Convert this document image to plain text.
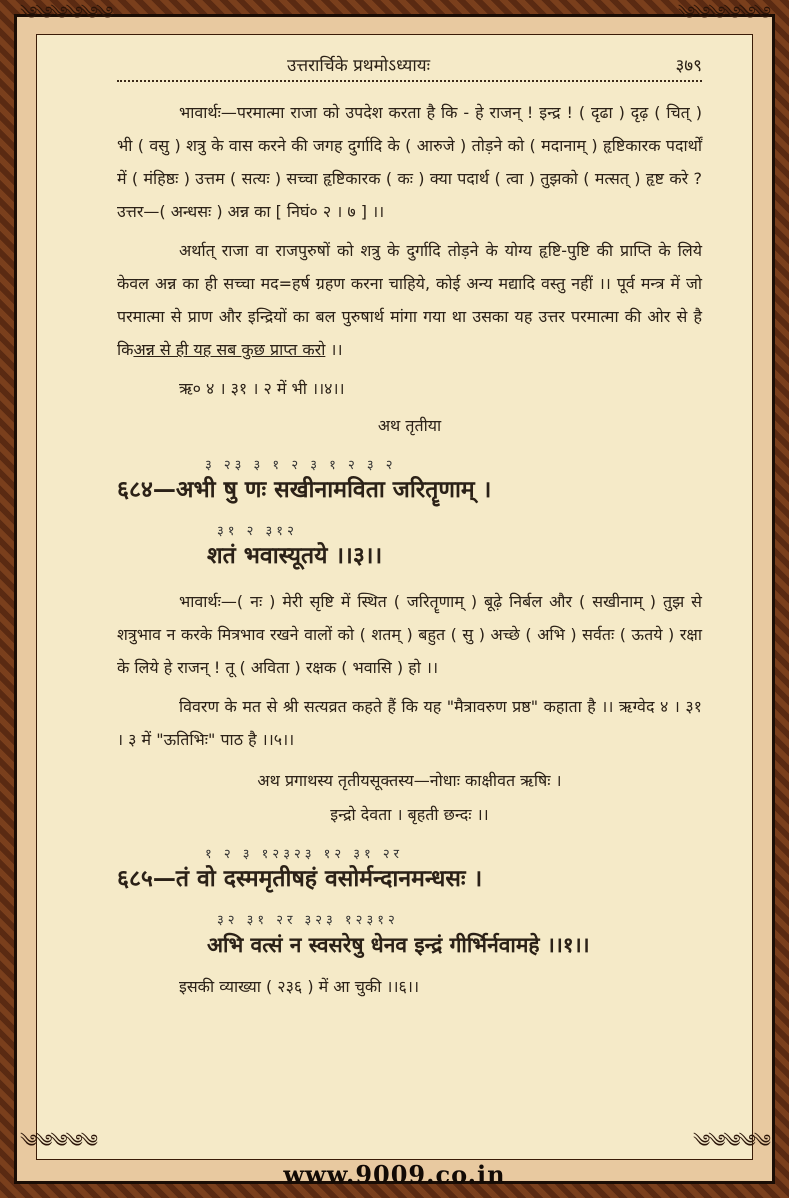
༄༄༄༄༄༄	༄༄༄༄༄༄
उत्तरार्चिके प्रथमोऽध्यायः	३७९

भावार्थः—परमात्मा राजा को उपदेश करता है कि - हे राजन् ! इन्द्र ! ( दृढा ) दृढ़ ( चित् ) भी ( वसु ) शत्रु के वास करने की जगह दुर्गादि के ( आरुजे ) तोड़ने को ( मदानाम् ) हृष्टिकारक पदार्थों में ( मंहिष्ठः ) उत्तम ( सत्यः ) सच्चा हृष्टिकारक ( कः ) क्या पदार्थ ( त्वा ) तुझको ( मत्सत् ) हृष्ट करे ? उत्तर—( अन्धसः ) अन्न का [ निघं० २ । ७ ] ।।

अर्थात् राजा वा राजपुरुषों को शत्रु के दुर्गादि तोड़ने के योग्य हृष्टि-पुष्टि की प्राप्ति के लिये केवल अन्न का ही सच्चा मद=हर्ष ग्रहण करना चाहिये, कोई अन्य मद्यादि वस्तु नहीं ।। पूर्व मन्त्र में जो परमात्मा से प्राण और इन्द्रियों का बल पुरुषार्थ मांगा गया था उसका यह उत्तर परमात्मा की ओर से है किअन्न से ही यह सब कुछ प्राप्त करो ।।

ऋ० ४ । ३१ । २ में भी ।।४।।

अथ तृतीया
३ २३ ३ १ २ ३ १ २ ३ २

६८४—अभी षु णः सखीनामविता जरितॄणाम् ।

३१ २ ३१२

शतं भवास्यूतये ।।३।।

भावार्थः—( नः ) मेरी सृष्टि में स्थित ( जरितॄणाम् ) बूढ़े निर्बल और ( सखीनाम् ) तुझ से शत्रुभाव न करके मित्रभाव रखने वालों को ( शतम् ) बहुत ( सु ) अच्छे ( अभि ) सर्वतः ( ऊतये ) रक्षा के लिये हे राजन् ! तू ( अविता ) रक्षक ( भवासि ) हो ।।

विवरण के मत से श्री सत्यव्रत कहते हैं कि यह "मैत्रावरुण प्रष्ठ" कहाता है ।। ऋग्वेद ४ । ३१ । ३ में "ऊतिभिः" पाठ है ।।५।।

अथ प्रगाथस्य तृतीयसूक्तस्य—नोधाः काक्षीवत ऋषिः ।
इन्द्रो देवता । बृहती छन्दः ।।
१ २ ३ १२३२३ १२ ३१ २र

६८५—तं वो दस्ममृतीषहं वसोर्मन्दानमन्धसः ।

३२ ३१ २र ३२३ १२३१२

अभि वत्सं न स्वसरेषु धेनव इन्द्रं गीर्भिर्नवामहे ।।१।।

इसकी व्याख्या ( २३६ ) में आ चुकी ।।६।।

༄༄༄༄༄	༄༄༄༄༄
www.9009.co.in
